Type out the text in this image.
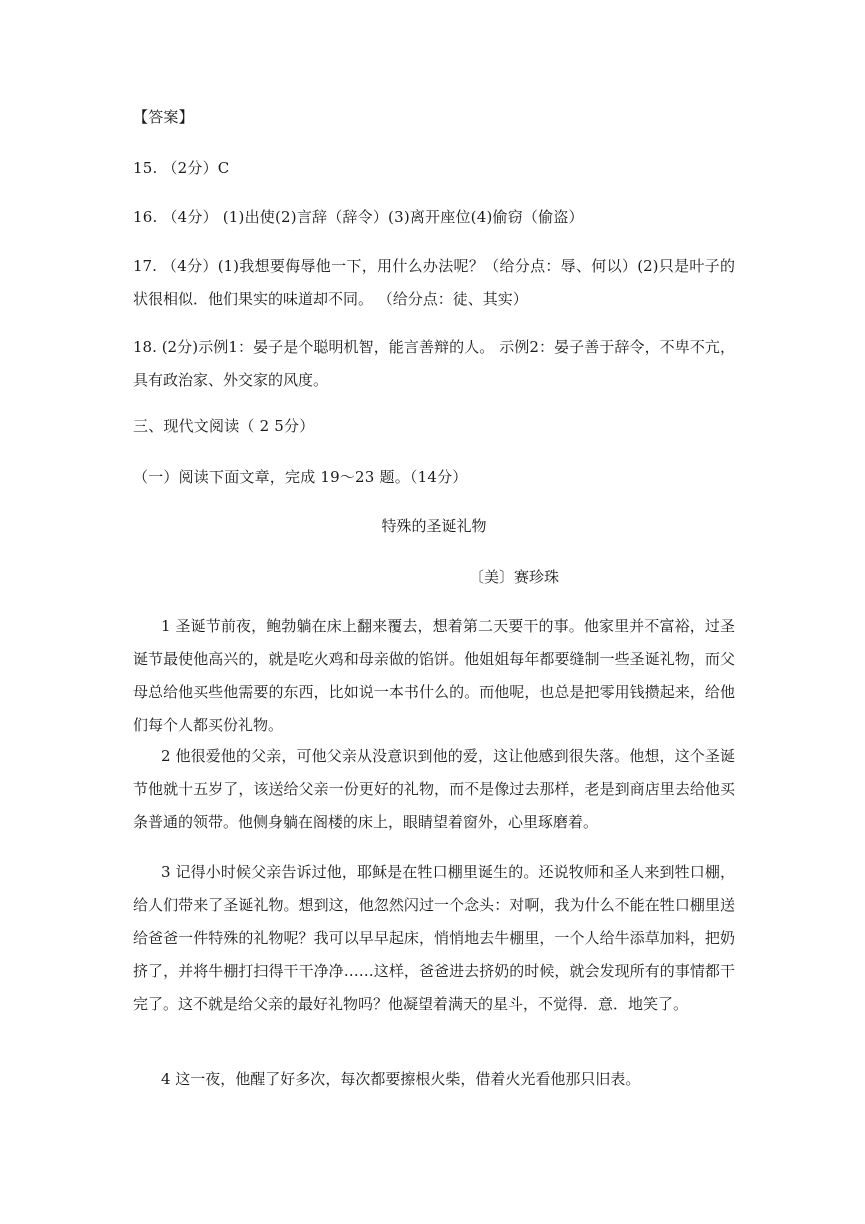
【答案】
15. （2分）C
16. （4分） (1)出使(2)言辞（辞令）(3)离开座位(4)偷窃（偷盗）
17. （4分）(1)我想要侮辱他一下，用什么办法呢？（给分点：辱、何以）(2)只是叶子的状很相似．他们果实的味道却不同。 （给分点：徒、其实）
18. (2分)示例1：晏子是个聪明机智，能言善辩的人。 示例2：晏子善于辞令，不卑不亢，具有政治家、外交家的风度。
三、现代文阅读（ 2 5分）
（一）阅读下面文章，完成 19～23 题。（14分）
特殊的圣诞礼物
〔美〕赛珍珠
1 圣诞节前夜，鲍勃躺在床上翻来覆去，想着第二天要干的事。他家里并不富裕，过圣诞节最使他高兴的，就是吃火鸡和母亲做的馅饼。他姐姐每年都要缝制一些圣诞礼物，而父母总给他买些他需要的东西，比如说一本书什么的。而他呢，也总是把零用钱攒起来，给他们每个人都买份礼物。
2 他很爱他的父亲，可他父亲从没意识到他的爱，这让他感到很失落。他想，这个圣诞节他就十五岁了，该送给父亲一份更好的礼物，而不是像过去那样，老是到商店里去给他买条普通的领带。他侧身躺在阁楼的床上，眼睛望着窗外，心里琢磨着。
3 记得小时候父亲告诉过他，耶稣是在牲口棚里诞生的。还说牧师和圣人来到牲口棚，给人们带来了圣诞礼物。想到这，他忽然闪过一个念头：对啊，我为什么不能在牲口棚里送给爸爸一件特殊的礼物呢？我可以早早起床，悄悄地去牛棚里，一个人给牛添草加料，把奶挤了，并将牛棚打扫得干干净净……这样，爸爸进去挤奶的时候，就会发现所有的事情都干完了。这不就是给父亲的最好礼物吗？他凝望着满天的星斗，不觉得．意．地笑了。
4 这一夜，他醒了好多次，每次都要擦根火柴，借着火光看他那只旧表。
